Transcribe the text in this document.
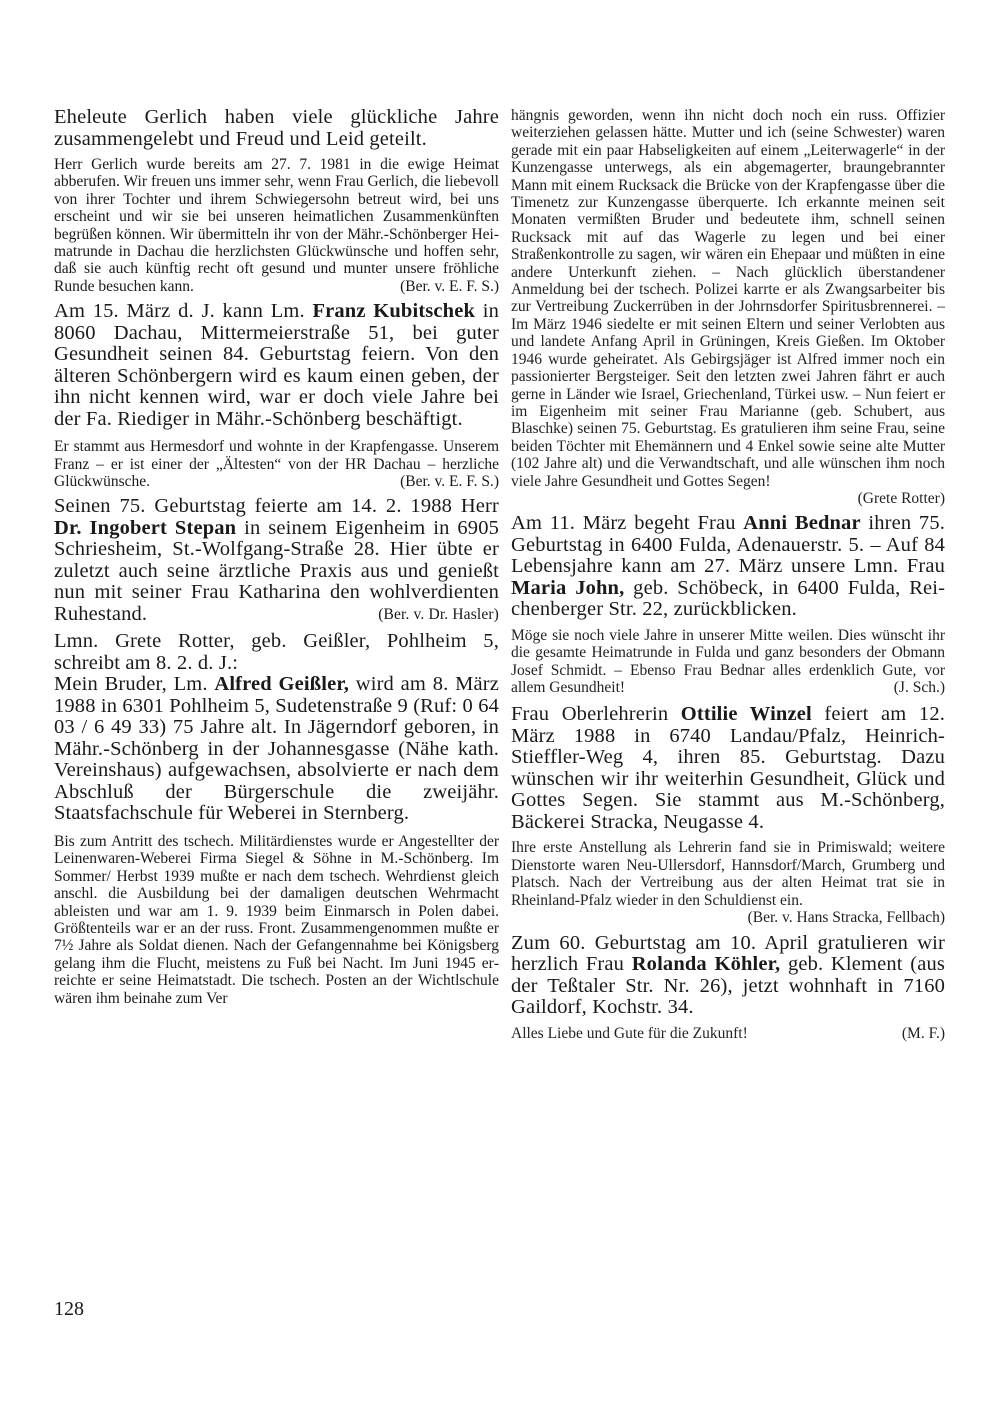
Eheleute Gerlich haben viele glückliche Jahre zusammengelebt und Freud und Leid geteilt.

Herr Gerlich wurde bereits am 27. 7. 1981 in die ewige Heimat abberufen. Wir freuen uns immer sehr, wenn Frau Gerlich, die liebevoll von ihrer Tochter und ihrem Schwiegersohn betreut wird, bei uns erscheint und wir sie bei unseren heimatlichen Zusammenkünften begrüßen können. Wir übermitteln ihr von der Mähr.-Schönberger Heimatrunde in Dachau die herzlichsten Glückwünsche und hoffen sehr, daß sie auch künftig recht oft gesund und munter unsere fröhliche Runde besuchen kann.	(Ber. v. E. F. S.)

Am 15. März d. J. kann Lm. Franz Kubitschek in 8060 Dachau, Mittermeierstraße 51, bei guter Gesundheit seinen 84. Geburtstag feiern. Von den älteren Schönbergern wird es kaum einen geben, der ihn nicht kennen wird, war er doch viele Jahre bei der Fa. Riediger in Mähr.-Schönberg beschäftigt.

Er stammt aus Hermesdorf und wohnte in der Krapfengasse. Unserem Franz – er ist einer der „Ältesten“ von der HR Dachau – herzliche Glückwünsche.	(Ber. v. E. F. S.)

Seinen 75. Geburtstag feierte am 14. 2. 1988 Herr Dr. Ingobert Stepan in seinem Eigenheim in 6905 Schriesheim, St.-Wolfgang-Straße 28. Hier übte er zuletzt auch seine ärztliche Praxis aus und genießt nun mit seiner Frau Katharina den wohlverdienten Ruhestand.	(Ber. v. Dr. Hasler)

Lmn. Grete Rotter, geb. Geißler, Pohlheim 5, schreibt am 8. 2. d. J.:

Mein Bruder, Lm. Alfred Geißler, wird am 8. März 1988 in 6301 Pohlheim 5, Sudetenstraße 9 (Ruf: 0 64 03 / 6 49 33) 75 Jahre alt. In Jägerndorf geboren, in Mähr.-Schönberg in der Johannesgasse (Nähe kath. Vereinshaus) aufgewachsen, absolvierte er nach dem Abschluß der Bürgerschule die zweijähr. Staatsfachschule für Weberei in Sternberg.

Bis zum Antritt des tschech. Militärdienstes wurde er Angestellter der Leinenwaren-Weberei Firma Siegel & Söhne in M.-Schönberg. Im Sommer/ Herbst 1939 mußte er nach dem tschech. Wehrdienst gleich anschl. die Ausbildung bei der damaligen deutschen Wehrmacht ableisten und war am 1. 9. 1939 beim Einmarsch in Polen dabei. Größtenteils war er an der russ. Front. Zusammengenommen mußte er 7½ Jahre als Soldat dienen. Nach der Gefangennahme bei Königsberg gelang ihm die Flucht, meistens zu Fuß bei Nacht. Im Juni 1945 erreichte er seine Heimatstadt. Die tschech. Posten an der Wichtlschule wären ihm beinahe zum Ver

hängnis geworden, wenn ihn nicht doch noch ein russ. Offizier weiterziehen gelassen hätte. Mutter und ich (seine Schwester) waren gerade mit ein paar Habseligkeiten auf einem „Leiterwagerle“ in der Kunzengasse unterwegs, als ein abgemagerter, braungebrannter Mann mit einem Rucksack die Brücke von der Krapfengasse über die Timenetz zur Kunzengasse überquerte. Ich erkannte meinen seit Monaten vermißten Bruder und bedeutete ihm, schnell seinen Rucksack mit auf das Wagerle zu legen und bei einer Straßenkontrolle zu sagen, wir wären ein Ehepaar und müßten in eine andere Unterkunft ziehen. – Nach glücklich überstandener Anmeldung bei der tschech. Polizei karrte er als Zwangsarbeiter bis zur Vertreibung Zuckerrüben in der Johrnsdorfer Spiritusbrennerei. – Im März 1946 siedelte er mit seinen Eltern und seiner Verlobten aus und landete Anfang April in Grüningen, Kreis Gießen. Im Oktober 1946 wurde geheiratet. Als Gebirgsjäger ist Alfred immer noch ein passionierter Bergsteiger. Seit den letzten zwei Jahren fährt er auch gerne in Länder wie Israel, Griechenland, Türkei usw. – Nun feiert er im Eigenheim mit seiner Frau Marianne (geb. Schubert, aus Blaschke) seinen 75. Geburtstag. Es gratulieren ihm seine Frau, seine beiden Töchter mit Ehemännern und 4 Enkel sowie seine alte Mutter (102 Jahre alt) und die Verwandtschaft, und alle wünschen ihm noch viele Jahre Gesundheit und Gottes Segen!

(Grete Rotter)

Am 11. März begeht Frau Anni Bednar ihren 75. Geburtstag in 6400 Fulda, Adenauerstr. 5. – Auf 84 Lebensjahre kann am 27. März unsere Lmn. Frau Maria John, geb. Schöbeck, in 6400 Fulda, Reichenberger Str. 22, zurückblicken.

Möge sie noch viele Jahre in unserer Mitte weilen. Dies wünscht ihr die gesamte Heimatrunde in Fulda und ganz besonders der Obmann Josef Schmidt. – Ebenso Frau Bednar alles erdenklich Gute, vor allem Gesundheit!	(J. Sch.)

Frau Oberlehrerin Ottilie Winzel feiert am 12. März 1988 in 6740 Landau/Pfalz, Heinrich-Stieffler-Weg 4, ihren 85. Geburtstag. Dazu wünschen wir ihr weiterhin Gesundheit, Glück und Gottes Segen. Sie stammt aus M.-Schönberg, Bäckerei Stracka, Neugasse 4.

Ihre erste Anstellung als Lehrerin fand sie in Primiswald; weitere Dienstorte waren Neu-Ullersdorf, Hannsdorf/March, Grumberg und Platsch. Nach der Vertreibung aus der alten Heimat trat sie in Rheinland-Pfalz wieder in den Schuldienst ein.

(Ber. v. Hans Stracka, Fellbach)

Zum 60. Geburtstag am 10. April gratulieren wir herzlich Frau Rolanda Köhler, geb. Klement (aus der Teßtaler Str. Nr. 26), jetzt wohnhaft in 7160 Gaildorf, Kochstr. 34.

Alles Liebe und Gute für die Zukunft!	(M. F.)

128
